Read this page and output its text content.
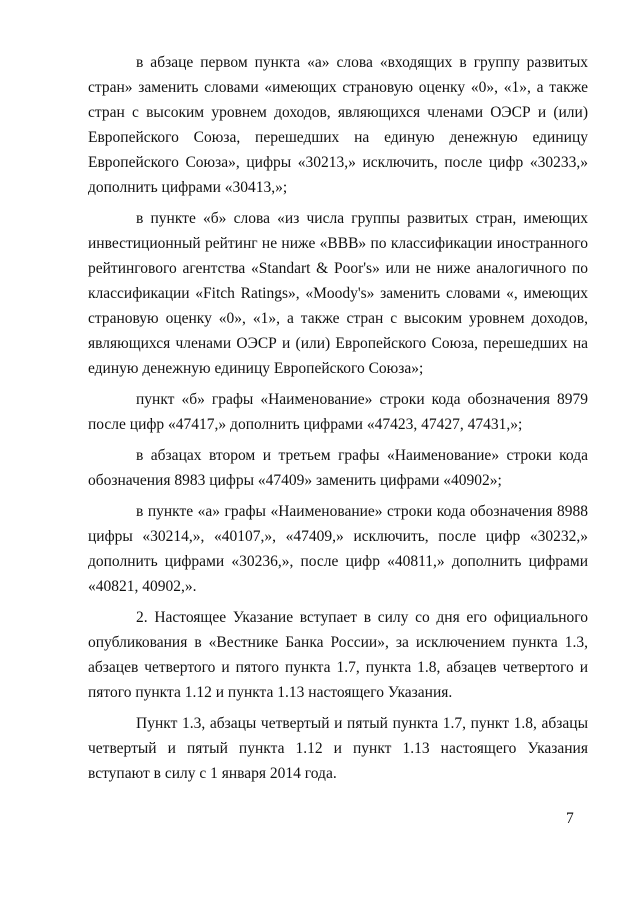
в абзаце первом пункта «а» слова «входящих в группу развитых стран» заменить словами «имеющих страновую оценку «0», «1», а также стран с высоким уровнем доходов, являющихся членами ОЭСР и (или) Европейского Союза, перешедших на единую денежную единицу Европейского Союза», цифры «30213,» исключить, после цифр «30233,» дополнить цифрами «30413,»;

в пункте «б» слова «из числа группы развитых стран, имеющих инвестиционный рейтинг не ниже «BBB» по классификации иностранного рейтингового агентства «Standart & Poor's» или не ниже аналогичного по классификации «Fitch Ratings», «Moody's» заменить словами «, имеющих страновую оценку «0», «1», а также стран с высоким уровнем доходов, являющихся членами ОЭСР и (или) Европейского Союза, перешедших на единую денежную единицу Европейского Союза»;

пункт «б» графы «Наименование» строки кода обозначения 8979 после цифр «47417,» дополнить цифрами «47423, 47427, 47431,»;

в абзацах втором и третьем графы «Наименование» строки кода обозначения 8983 цифры «47409» заменить цифрами «40902»;

в пункте «а» графы «Наименование» строки кода обозначения 8988 цифры «30214,», «40107,», «47409,» исключить, после цифр «30232,» дополнить цифрами «30236,», после цифр «40811,» дополнить цифрами «40821, 40902,».

2. Настоящее Указание вступает в силу со дня его официального опубликования в «Вестнике Банка России», за исключением пункта 1.3, абзацев четвертого и пятого пункта 1.7, пункта 1.8, абзацев четвертого и пятого пункта 1.12 и пункта 1.13 настоящего Указания.

Пункт 1.3, абзацы четвертый и пятый пункта 1.7, пункт 1.8, абзацы четвертый и пятый пункта 1.12 и пункт 1.13 настоящего Указания вступают в силу с 1 января 2014 года.

7
